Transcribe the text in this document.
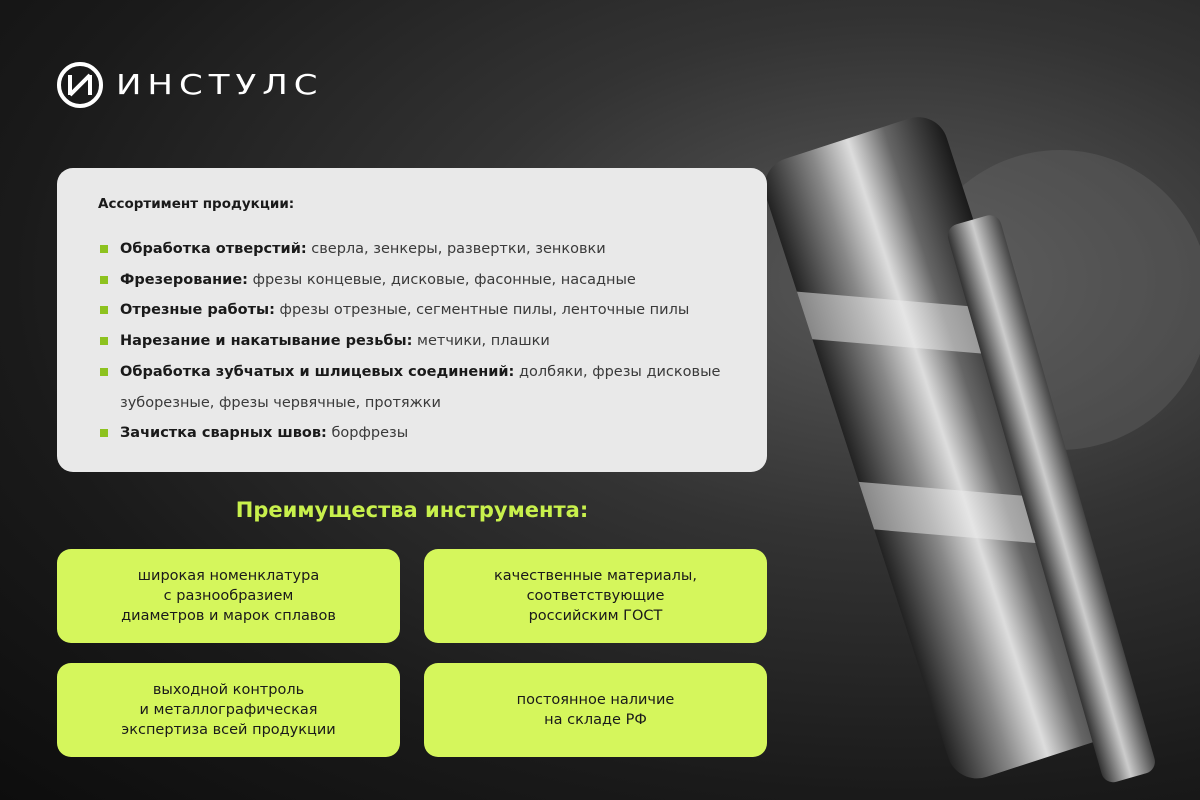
ИНСТУЛС
Ассортимент продукции:
Обработка отверстий: сверла, зенкеры, развертки, зенковки
Фрезерование: фрезы концевые, дисковые, фасонные, насадные
Отрезные работы: фрезы отрезные, сегментные пилы, ленточные пилы
Нарезание и накатывание резьбы: метчики, плашки
Обработка зубчатых и шлицевых соединений: долбяки, фрезы дисковые зуборезные, фрезы червячные, протяжки
Зачистка сварных швов: борфрезы
Преимущества инструмента:
широкая номенклатура
с разнообразием
диаметров и марок сплавов
качественные материалы,
соответствующие
российским ГОСТ
выходной контроль
и металлографическая
экспертиза всей продукции
постоянное наличие
на складе РФ
